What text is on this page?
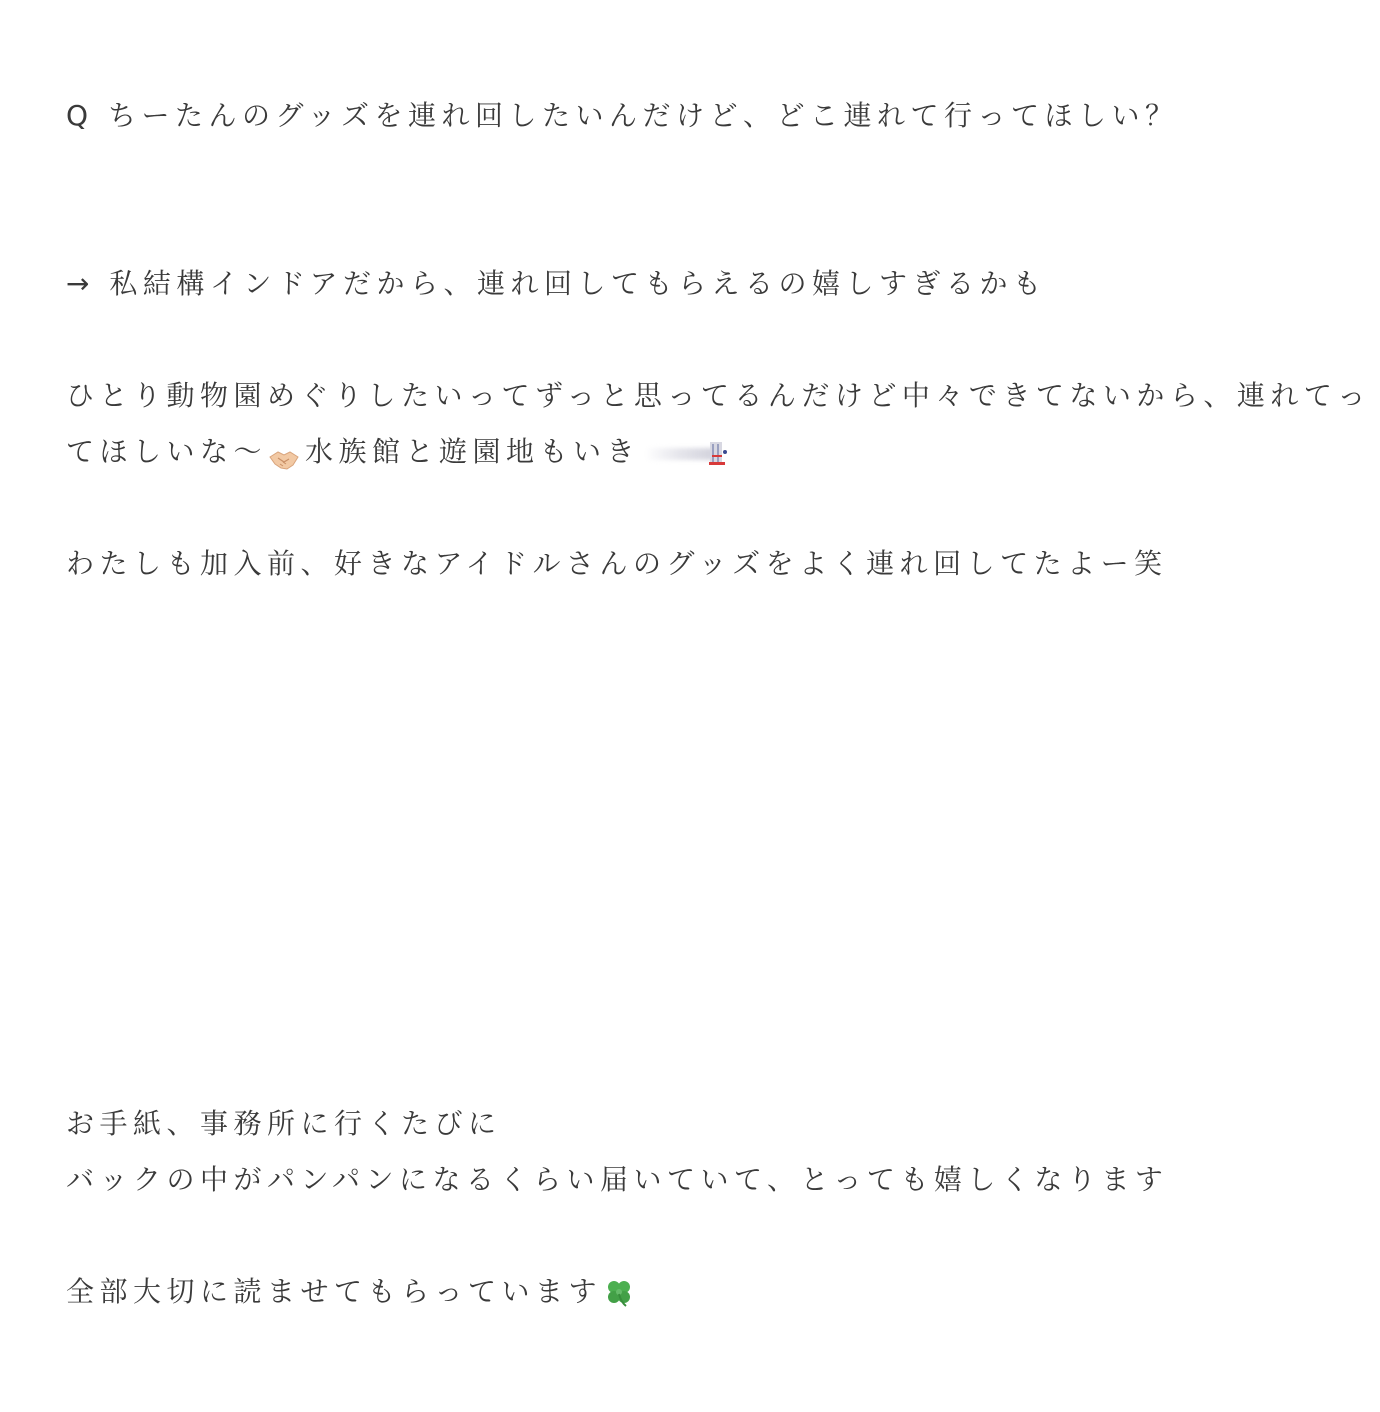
Q ちーたんのグッズを連れ回したいんだけど、どこ連れて行ってほしい？
→ 私結構インドアだから、連れ回してもらえるの嬉しすぎるかも
ひとり動物園めぐりしたいってずっと思ってるんだけど中々できてないから、連れてっ
てほしいな〜 水族館と遊園地もいき
わたしも加入前、好きなアイドルさんのグッズをよく連れ回してたよー笑
お手紙、事務所に行くたびに
バックの中がパンパンになるくらい届いていて、とっても嬉しくなります
全部大切に読ませてもらっています
